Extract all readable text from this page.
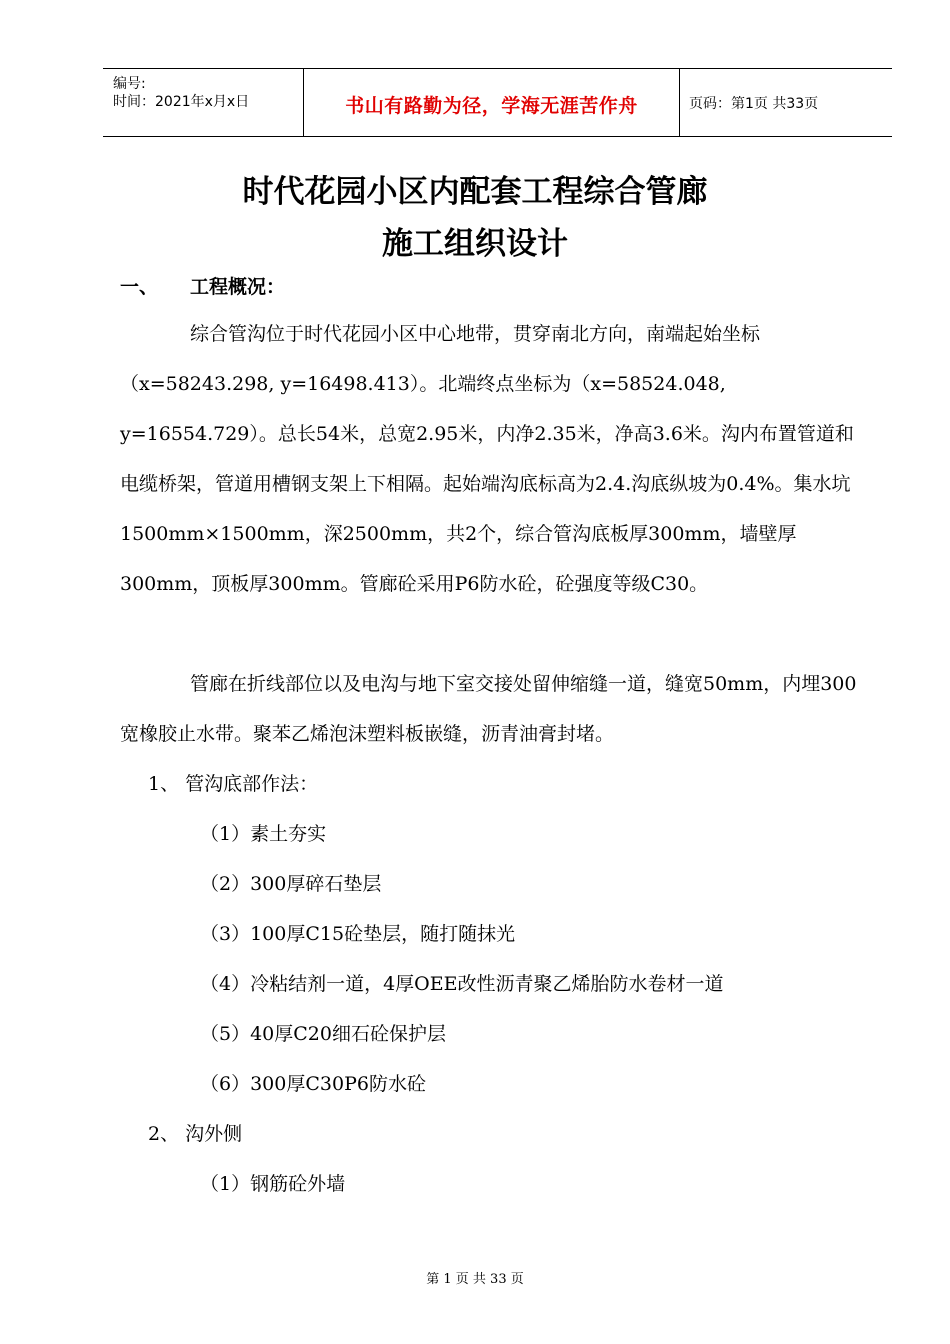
编号:
时间：2021年x月x日	书山有路勤为径，学海无涯苦作舟	页码：第1页 共33页
时代花园小区内配套工程综合管廊
施工组织设计
一、 工程概况：
综合管沟位于时代花园小区中心地带，贯穿南北方向，南端起始坐标（x=58243.298, y=16498.413）。北端终点坐标为（x=58524.048, y=16554.729）。总长54米，总宽2.95米，内净2.35米，净高3.6米。沟内布置管道和电缆桥架，管道用槽钢支架上下相隔。起始端沟底标高为2.4.沟底纵坡为0.4%。集水坑1500mm×1500mm，深2500mm，共2个，综合管沟底板厚300mm，墙壁厚300mm，顶板厚300mm。管廊砼采用P6防水砼，砼强度等级C30。
管廊在折线部位以及电沟与地下室交接处留伸缩缝一道，缝宽50mm，内埋300宽橡胶止水带。聚苯乙烯泡沫塑料板嵌缝，沥青油膏封堵。
1、 管沟底部作法：
（1）素土夯实
（2）300厚碎石垫层
（3）100厚C15砼垫层，随打随抹光
（4）冷粘结剂一道，4厚OEE改性沥青聚乙烯胎防水卷材一道
（5）40厚C20细石砼保护层
（6）300厚C30P6防水砼
2、 沟外侧
（1）钢筋砼外墙
第 1 页 共 33 页
